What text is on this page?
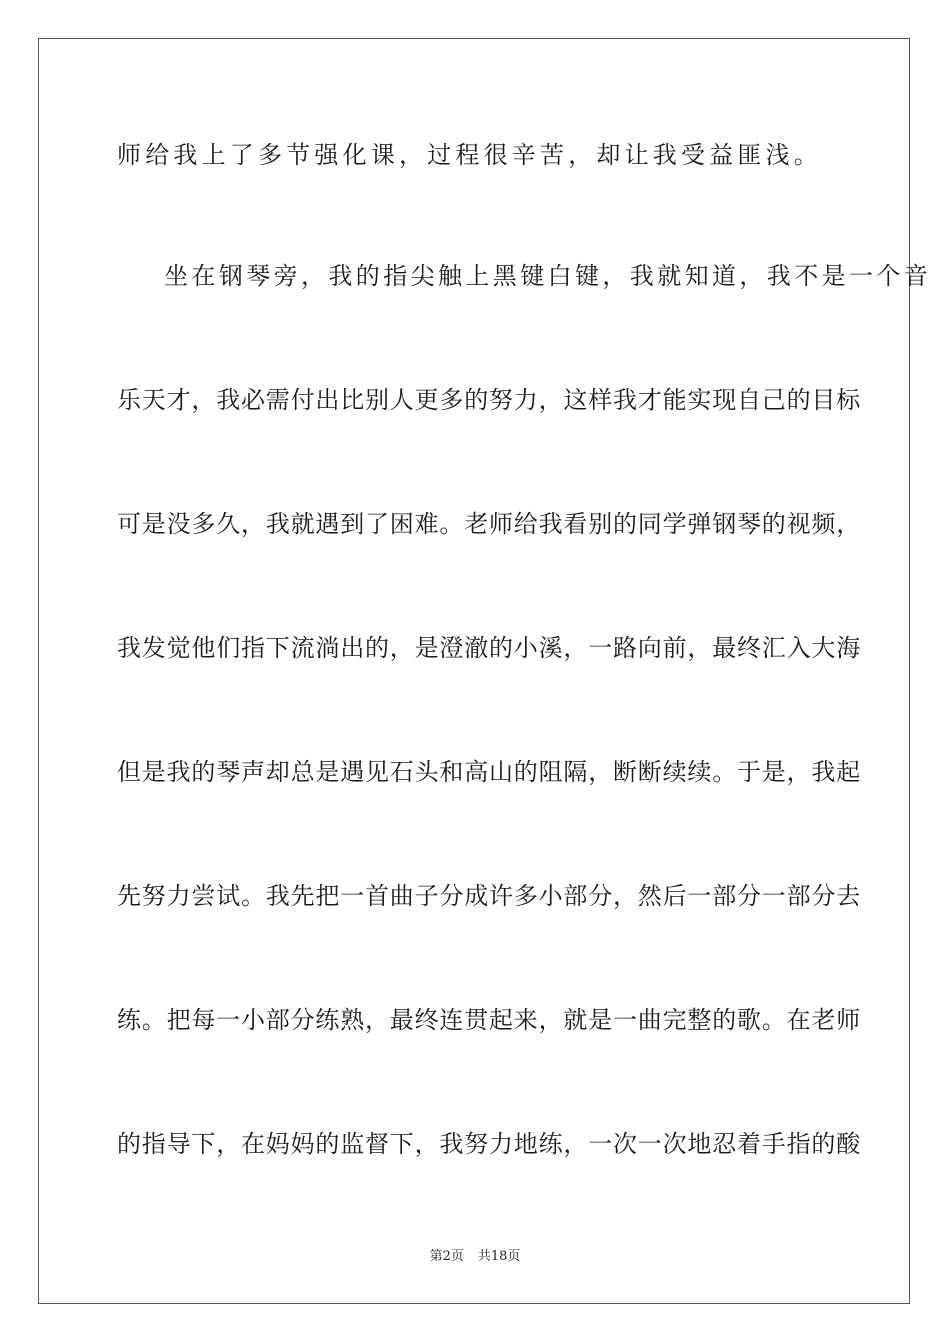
师给我上了多节强化课，过程很辛苦，却让我受益匪浅。
坐在钢琴旁，我的指尖触上黑键白键，我就知道，我不是一个音
乐天才，我必需付出比别人更多的努力，这样我才能实现自己的目标
可是没多久，我就遇到了困难。老师给我看别的同学弹钢琴的视频，
我发觉他们指下流淌出的，是澄澈的小溪，一路向前，最终汇入大海
但是我的琴声却总是遇见石头和高山的阻隔，断断续续。于是，我起
先努力尝试。我先把一首曲子分成许多小部分，然后一部分一部分去
练。把每一小部分练熟，最终连贯起来，就是一曲完整的歌。在老师
的指导下，在妈妈的监督下，我努力地练，一次一次地忍着手指的酸
第2页 共18页
